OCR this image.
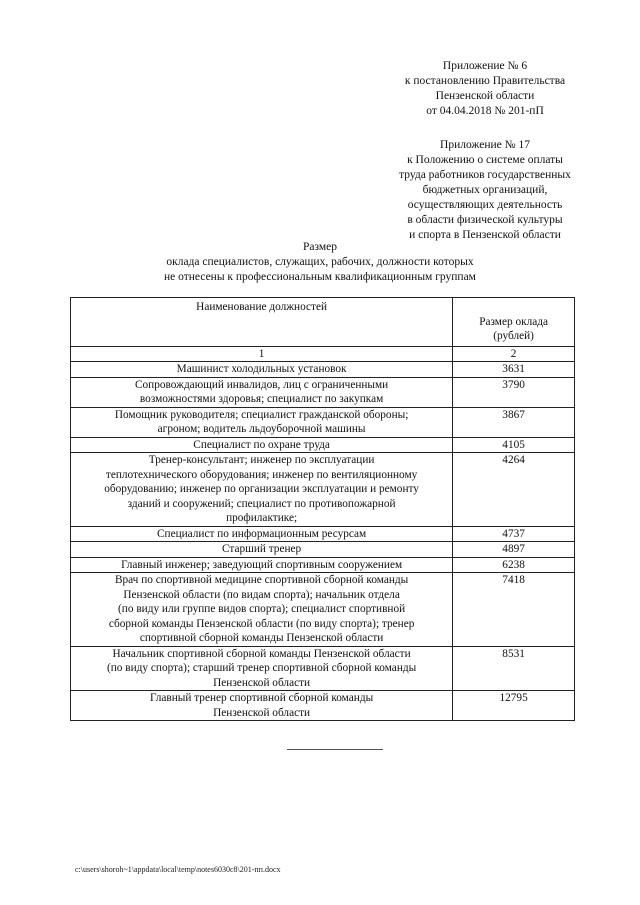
Приложение № 6
к постановлению Правительства
Пензенской области
от 04.04.2018 № 201-пП
Приложение № 17
к Положению о системе оплаты
труда работников государственных
бюджетных организаций,
осуществляющих деятельность
в области физической культуры
и спорта в Пензенской области
Размер
оклада специалистов, служащих, рабочих, должности которых
не отнесены к профессиональным квалификационным группам
Наименование должностей	Размер оклада
(рублей)

1	2
Машинист холодильных установок	3631
Сопровождающий инвалидов, лиц с ограниченными
возможностями здоровья; специалист по закупкам	3790
Помощник руководителя; специалист гражданской обороны;
агроном; водитель льдоуборочной машины	3867
Специалист по охране труда	4105
Тренер-консультант; инженер по эксплуатации
теплотехнического оборудования; инженер по вентиляционному
оборудованию; инженер по организации эксплуатации и ремонту
зданий и сооружений; специалист по противопожарной
профилактике;	4264
Специалист по информационным ресурсам	4737
Старший тренер	4897
Главный инженер; заведующий спортивным сооружением	6238
Врач по спортивной медицине спортивной сборной команды
Пензенской области (по видам спорта); начальник отдела
(по виду или группе видов спорта); специалист спортивной
сборной команды Пензенской области (по виду спорта); тренер
спортивной сборной команды Пензенской области	7418
Начальник спортивной сборной команды Пензенской области
(по виду спорта); старший тренер спортивной сборной команды
Пензенской области	8531
Главный тренер спортивной сборной команды
Пензенской области	12795
c:\users\shoroh~1\appdata\local\temp\notes6030c8\201-пп.docx
